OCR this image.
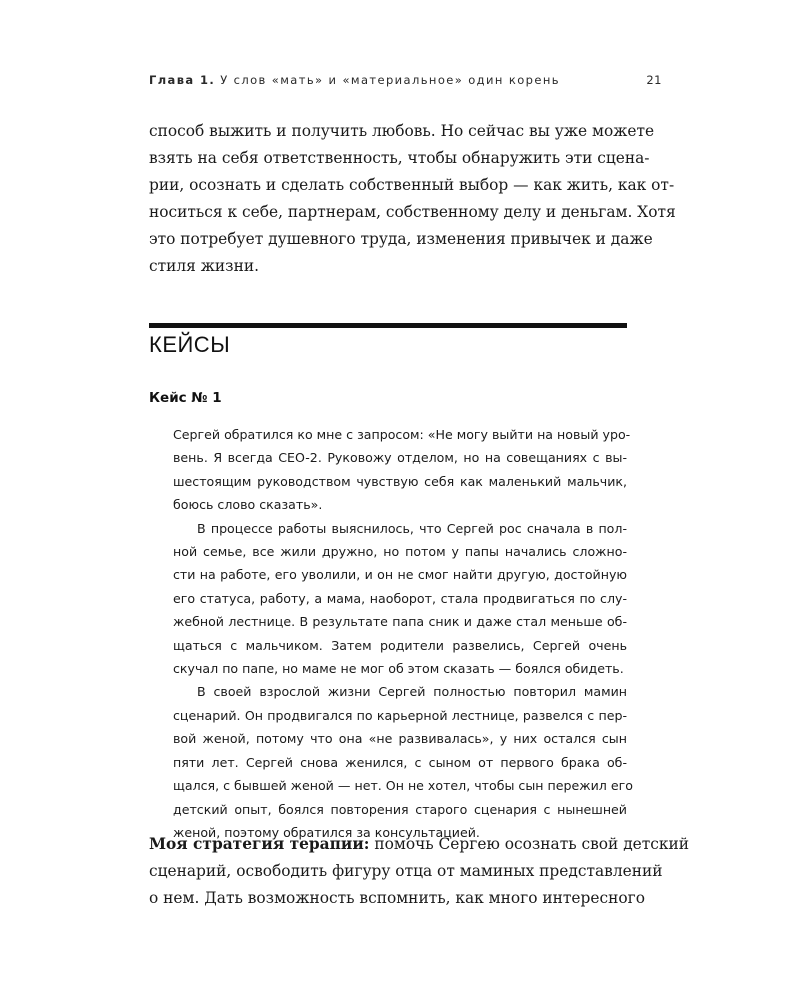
Глава 1. У слов «мать» и «материальное» один корень	21
способ выжить и получить любовь. Но сейчас вы уже можете
взять на себя ответственность, чтобы обнаружить эти сцена-
рии, осознать и сделать собственный выбор — как жить, как от-
носиться к себе, партнерам, собственному делу и деньгам. Хотя
это потребует душевного труда, изменения привычек и даже
стиля жизни.
КЕЙСЫ
Кейс № 1
Сергей обратился ко мне с запросом: «Не могу выйти на новый уро-
вень. Я всегда CEO-2. Руковожу отделом, но на совещаниях с вы-
шестоящим руководством чувствую себя как маленький мальчик,
боюсь слово сказать».
В процессе работы выяснилось, что Сергей рос сначала в пол-
ной семье, все жили дружно, но потом у папы начались сложно-
сти на работе, его уволили, и он не смог найти другую, достойную
его статуса, работу, а мама, наоборот, стала продвигаться по слу-
жебной лестнице. В результате папа сник и даже стал меньше об-
щаться с мальчиком. Затем родители развелись, Сергей очень
скучал по папе, но маме не мог об этом сказать — боялся обидеть.
В своей взрослой жизни Сергей полностью повторил мамин
сценарий. Он продвигался по карьерной лестнице, развелся с пер-
вой женой, потому что она «не развивалась», у них остался сын
пяти лет. Сергей снова женился, с сыном от первого брака об-
щался, с бывшей женой — нет. Он не хотел, чтобы сын пережил его
детский опыт, боялся повторения старого сценария с нынешней
женой, поэтому обратился за консультацией.
Моя стратегия терапии: помочь Сергею осознать свой детский
сценарий, освободить фигуру отца от маминых представлений
о нем. Дать возможность вспомнить, как много интересного
